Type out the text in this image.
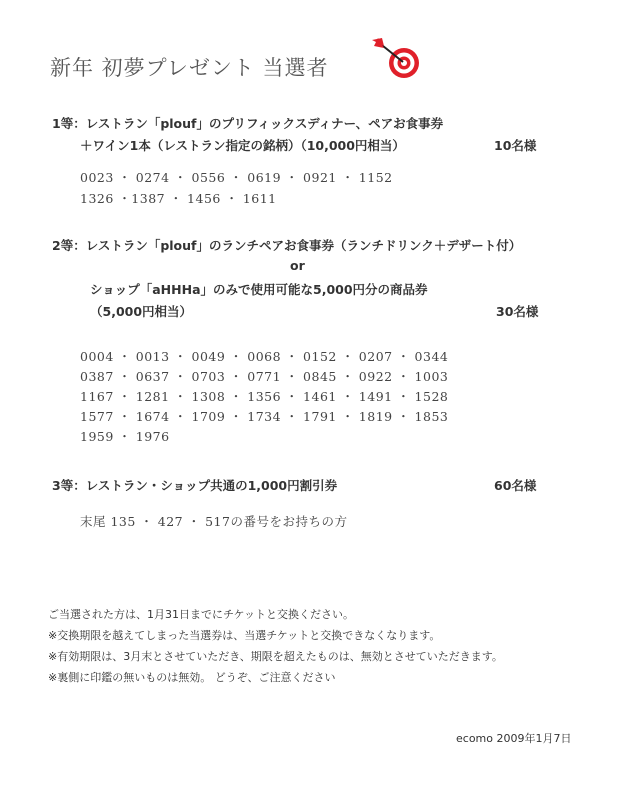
新年 初夢プレゼント 当選者
1等：レストラン「plouf」のプリフィックスディナー、ペアお食事券
＋ワイン1本（レストラン指定の銘柄）（10,000円相当）	10名様
0023 ・ 0274 ・ 0556 ・ 0619 ・ 0921 ・ 1152
1326 ・1387 ・ 1456 ・ 1611
2等：レストラン「plouf」のランチペアお食事券（ランチドリンク＋デザート付）
or
ショップ「aHHHa」のみで使用可能な5,000円分の商品券
（5,000円相当）	30名様
0004 ・ 0013 ・ 0049 ・ 0068 ・ 0152 ・ 0207 ・ 0344
0387 ・ 0637 ・ 0703 ・ 0771 ・ 0845 ・ 0922 ・ 1003
1167 ・ 1281 ・ 1308 ・ 1356 ・ 1461 ・ 1491 ・ 1528
1577 ・ 1674 ・ 1709 ・ 1734 ・ 1791 ・ 1819 ・ 1853
1959 ・ 1976
3等：レストラン・ショップ共通の1,000円割引券	60名様
末尾 135 ・ 427 ・ 517の番号をお持ちの方
ご当選された方は、1月31日までにチケットと交換ください。
※交換期限を越えてしまった当選券は、当選チケットと交換できなくなります。
※有効期限は、3月末とさせていただき、期限を超えたものは、無効とさせていただきます。
※裏側に印鑑の無いものは無効。 どうぞ、ご注意ください
ecomo 2009年1月7日
